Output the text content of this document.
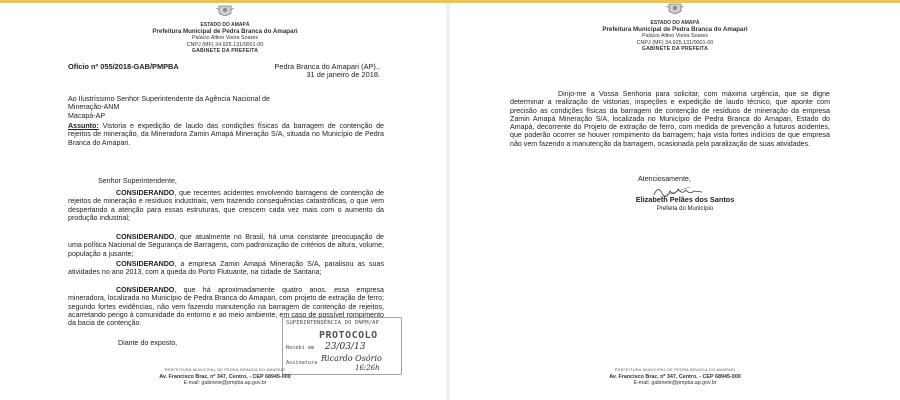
ESTADO DO AMAPÁ
Prefeitura Municipal de Pedra Branca do Amapari
Palácio Altino Vieira Soares
CNPJ (MF) 34.925.131/0001-00
GABINETE DA PREFEITA
Ofício nº 055/2018-GAB/PMPBA	Pedra Branca do Amapari (AP).,
31 de janeiro de 2018.
Ao Ilustríssimo Senhor Superintendente da Agência Nacional de
Mineração-ANM
Macapá-AP
Assunto: Vistoria e expedição de laudo das condições físicas da barragem de contenção de rejeitos de mineração, da Mineradora Zamin Amapá Mineração S/A, situada no Município de Pedra Branca do Amapari.
Senhor Superintendente,
CONSIDERANDO, que recentes acidentes envolvendo barragens de contenção de rejeitos de mineração e resíduos industriais, vem trazendo consequências catastróficas, o que vem despertando a atenção para essas estruturas, que crescem cada vez mais com o aumento da produção industrial;
CONSIDERANDO, que atualmente no Brasil, há uma constante preocupação de uma política Nacional de Segurança de Barragens, com padronização de critérios de altura, volume, população a jusante;
CONSIDERANDO, a empresa Zamin Amapá Mineração S/A, paralisou as suas atividades no ano 2013, com a queda do Porto Flutuante, na cidade de Santana;
CONSIDERANDO, que há aproximadamente quatro anos, essa empresa mineradora, localizada no Município de Pedra Branca do Amapari, com projeto de extração de ferro; segundo fortes evidências, não vem fazendo manutenção na barragem de contenção de rejeitos, acarretando perigo à comunidade do entorno e ao meio ambiente, em caso de possível rompimento da bacia de contenção.
Diante do exposto,
SUPERINTENDÊNCIA DO DNPM/AP
PROTOCOLO
Recebi em 23/03/13
Assinatura Ricardo Osório
16:26h
PREFEITURA MUNICIPAL DE PEDRA BRANCA DO AMAPARI
Av. Francisco Braz, nº 347, Centro, - CEP 68945-000
E-mail: gabinete@pmpba.ap.gov.br
ESTADO DO AMAPÁ
Prefeitura Municipal de Pedra Branca do Amapari
Palácio Altino Vieira Soares
CNPJ (MF) 34.925.131/0001-00
GABINETE DA PREFEITA
Dirijo-me a Vossa Senhoria para solicitar, com máxima urgência, que se digne determinar a realização de vistorias, inspeções e expedição de laudo técnico, que aponte com precisão as condições físicas da barragem de contenção de resíduos de mineração da empresa Zamin Amapá Mineração S/A, localizada no Município de Pedra Branca do Amapari, Estado do Amapá, decorrente do Projeto de extração de ferro, com medida de prevenção a futuros acidentes, que poderão ocorrer se houver rompimento da barragem; haja vista fortes indícios de que empresa não vem fazendo a manutenção da barragem, ocasionada pela paralização de suas atividades.
Atenciosamente,
Elizabeth Pelães dos Santos
Prefeita do Município
PREFEITURA MUNICIPAL DE PEDRA BRANCA DO AMAPARI
Av. Francisco Braz, nº 347, Centro, - CEP 68945-000
E-mail: gabinete@pmpba.ap.gov.br
